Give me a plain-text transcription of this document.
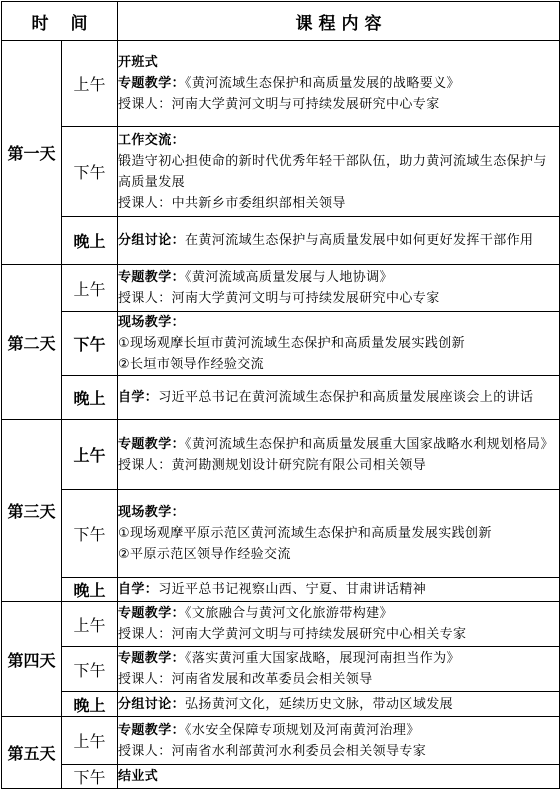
时 间		课 程 内 容
第一天	上午	开班式
专题教学：《黄河流域生态保护和高质量发展的战略要义》
授课人：河南大学黄河文明与可持续发展研究中心专家

	下午	工作交流：
锻造守初心担使命的新时代优秀年轻干部队伍，助力黄河流域生态保护与高质量发展
授课人：中共新乡市委组织部相关领导

	晚上	分组讨论：在黄河流域生态保护与高质量发展中如何更好发挥干部作用

第二天	上午	专题教学：《黄河流域高质量发展与人地协调》
授课人：河南大学黄河文明与可持续发展研究中心专家

	下午	现场教学：
①现场观摩长垣市黄河流域生态保护和高质量发展实践创新
②长垣市领导作经验交流

	晚上	自学：习近平总书记在黄河流域生态保护和高质量发展座谈会上的讲话

第三天	上午	专题教学：《黄河流域生态保护和高质量发展重大国家战略水利规划格局》
授课人：黄河勘测规划设计研究院有限公司相关领导

	下午	现场教学：
①现场观摩平原示范区黄河流域生态保护和高质量发展实践创新
②平原示范区领导作经验交流

	晚上	自学：习近平总书记视察山西、宁夏、甘肃讲话精神

第四天	上午	专题教学：《文旅融合与黄河文化旅游带构建》
授课人：河南大学黄河文明与可持续发展研究中心相关专家

	下午	专题教学：《落实黄河重大国家战略，展现河南担当作为》
授课人：河南省发展和改革委员会相关领导

	晚上	分组讨论：弘扬黄河文化，延续历史文脉，带动区域发展

第五天	上午	专题教学：《水安全保障专项规划及河南黄河治理》
授课人：河南省水利部黄河水利委员会相关领导专家

	下午	结业式
